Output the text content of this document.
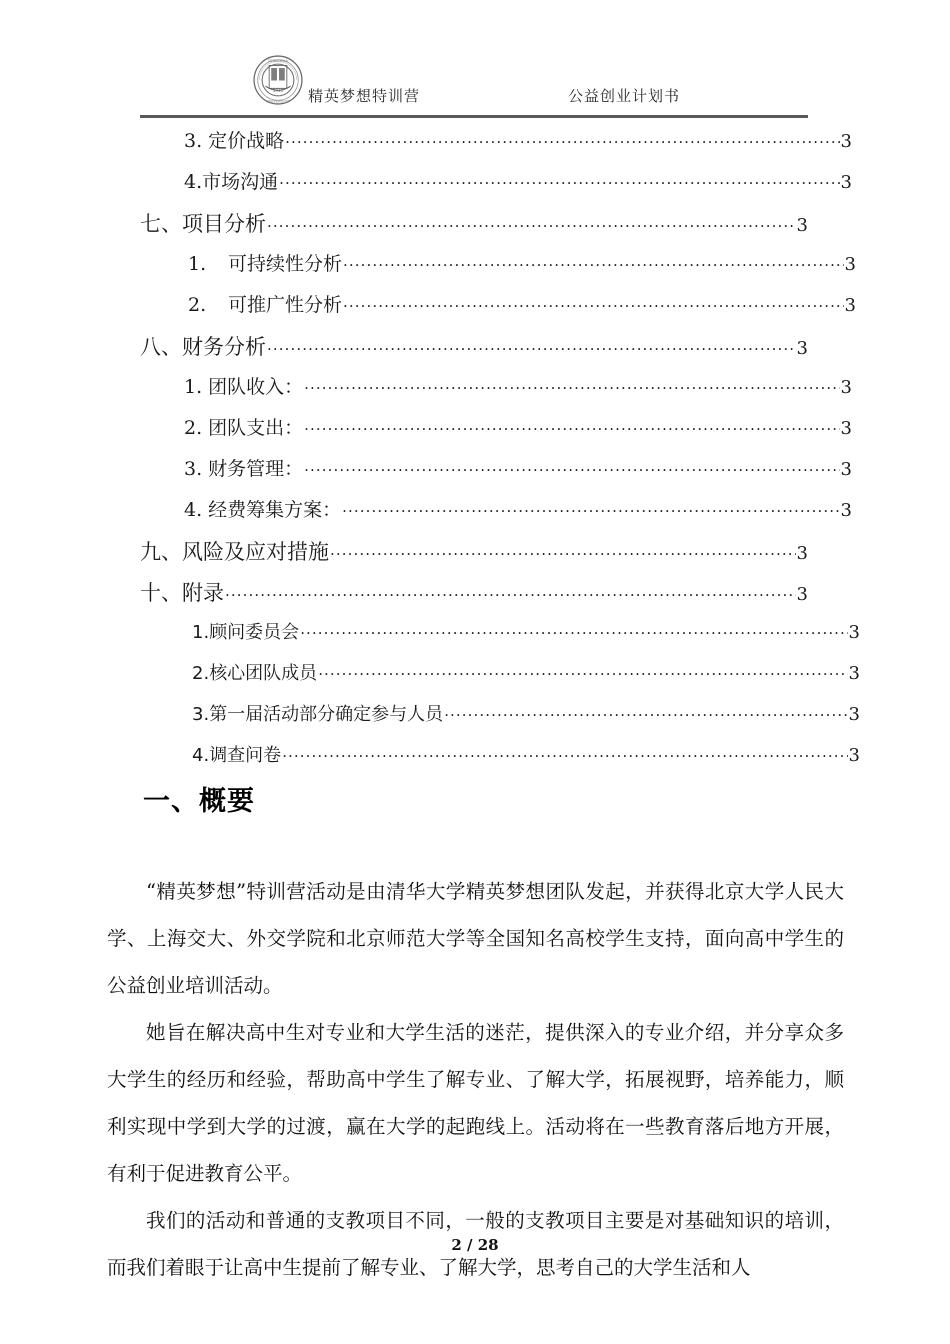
1911
TSINGHUA
UNIVERSITY 精英梦想特训营	公益创业计划书
3. 定价战略 .....	3
4. 市场沟通 .....	3
七、 项目分析 .....	3
1.	可持续性分析 .....	3
2.	可推广性分析 .....	3
八、 财务分析 .....	3
1. 团队收入： .....	3
2. 团队支出： .....	3
3. 财务管理： .....	3
4. 经费筹集方案： .....	3
九、 风险及应对措施 .....	3
十、 附录 .....	3
1. 顾问委员会 .....	3
2. 核心团队成员 .....	3
3. 第一届活动部分确定参与人员 .....	3
4. 调查问卷 .....	3
一、概要

“精英梦想”特训营活动是由清华大学精英梦想团队发起，并获得北京大学人民大学、上海交大、外交学院和北京师范大学等全国知名高校学生支持，面向高中学生的公益创业培训活动。

她旨在解决高中生对专业和大学生活的迷茫，提供深入的专业介绍，并分享众多大学生的经历和经验，帮助高中学生了解专业、了解大学，拓展视野，培养能力，顺利实现中学到大学的过渡，赢在大学的起跑线上。活动将在一些教育落后地方开展，有利于促进教育公平。

我们的活动和普通的支教项目不同，一般的支教项目主要是对基础知识的培训，而我们着眼于让高中生提前了解专业、了解大学，思考自己的大学生活和人

2 / 28
